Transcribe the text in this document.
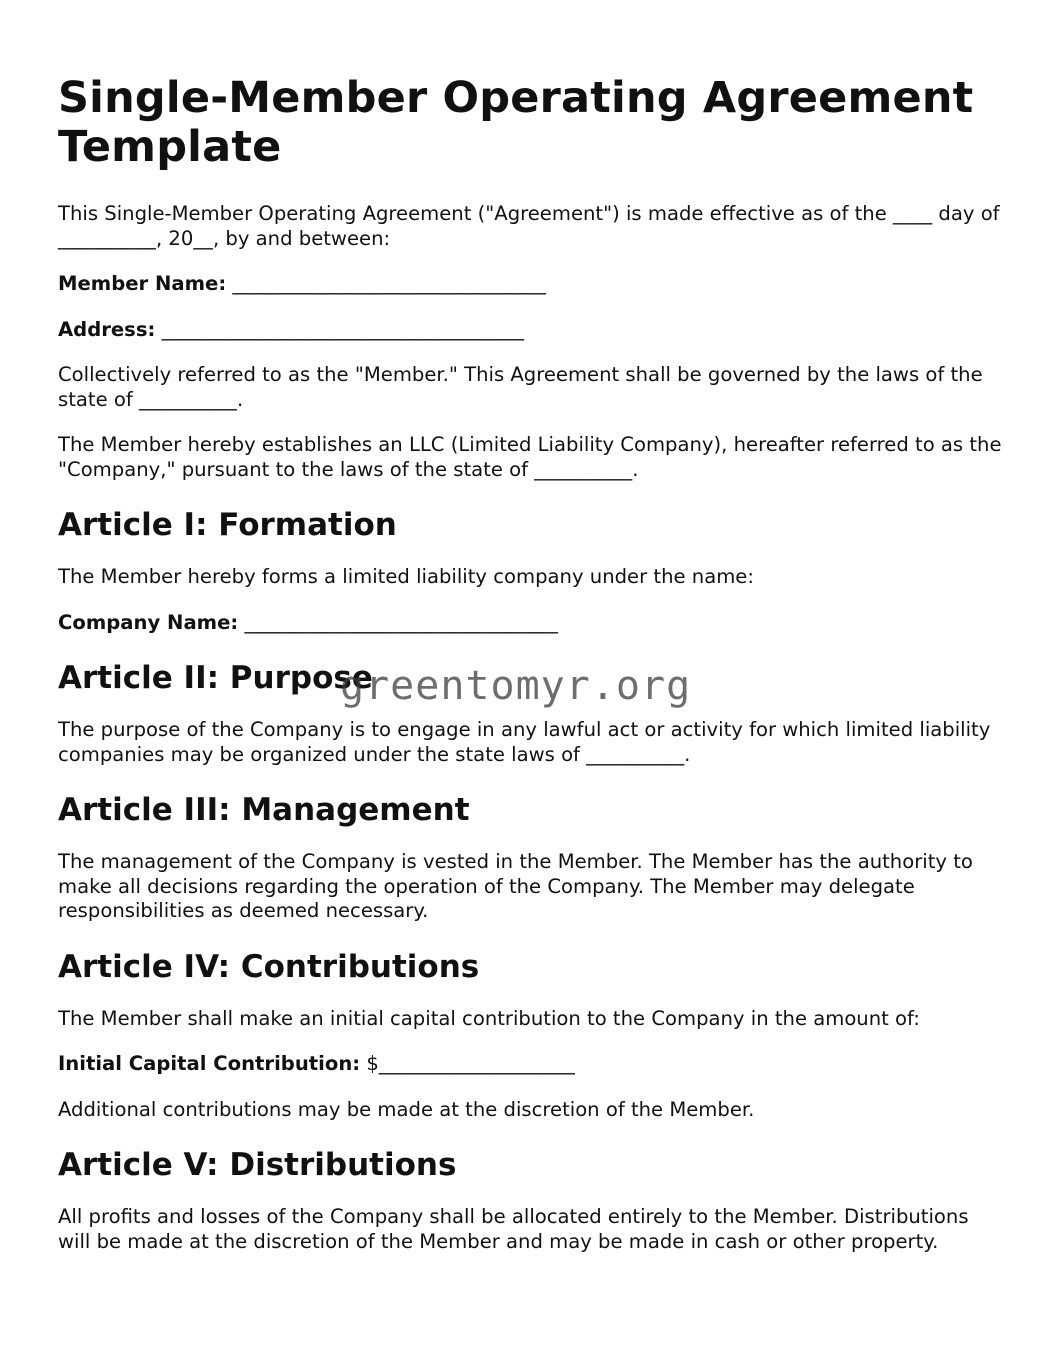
Single-Member Operating Agreement Template

This Single-Member Operating Agreement ("Agreement") is made effective as of the ____ day of __________, 20__, by and between:

Member Name: ________________________________

Address: _____________________________________

Collectively referred to as the "Member." This Agreement shall be governed by the laws of the state of __________.

The Member hereby establishes an LLC (Limited Liability Company), hereafter referred to as the "Company," pursuant to the laws of the state of __________.

Article I: Formation

The Member hereby forms a limited liability company under the name:

Company Name: ________________________________

Article II: Purpose

The purpose of the Company is to engage in any lawful act or activity for which limited liability companies may be organized under the state laws of __________.

Article III: Management

The management of the Company is vested in the Member. The Member has the authority to make all decisions regarding the operation of the Company. The Member may delegate responsibilities as deemed necessary.

Article IV: Contributions

The Member shall make an initial capital contribution to the Company in the amount of:

Initial Capital Contribution: $____________________

Additional contributions may be made at the discretion of the Member.

Article V: Distributions

All profits and losses of the Company shall be allocated entirely to the Member. Distributions will be made at the discretion of the Member and may be made in cash or other property.

greentomyr.org
